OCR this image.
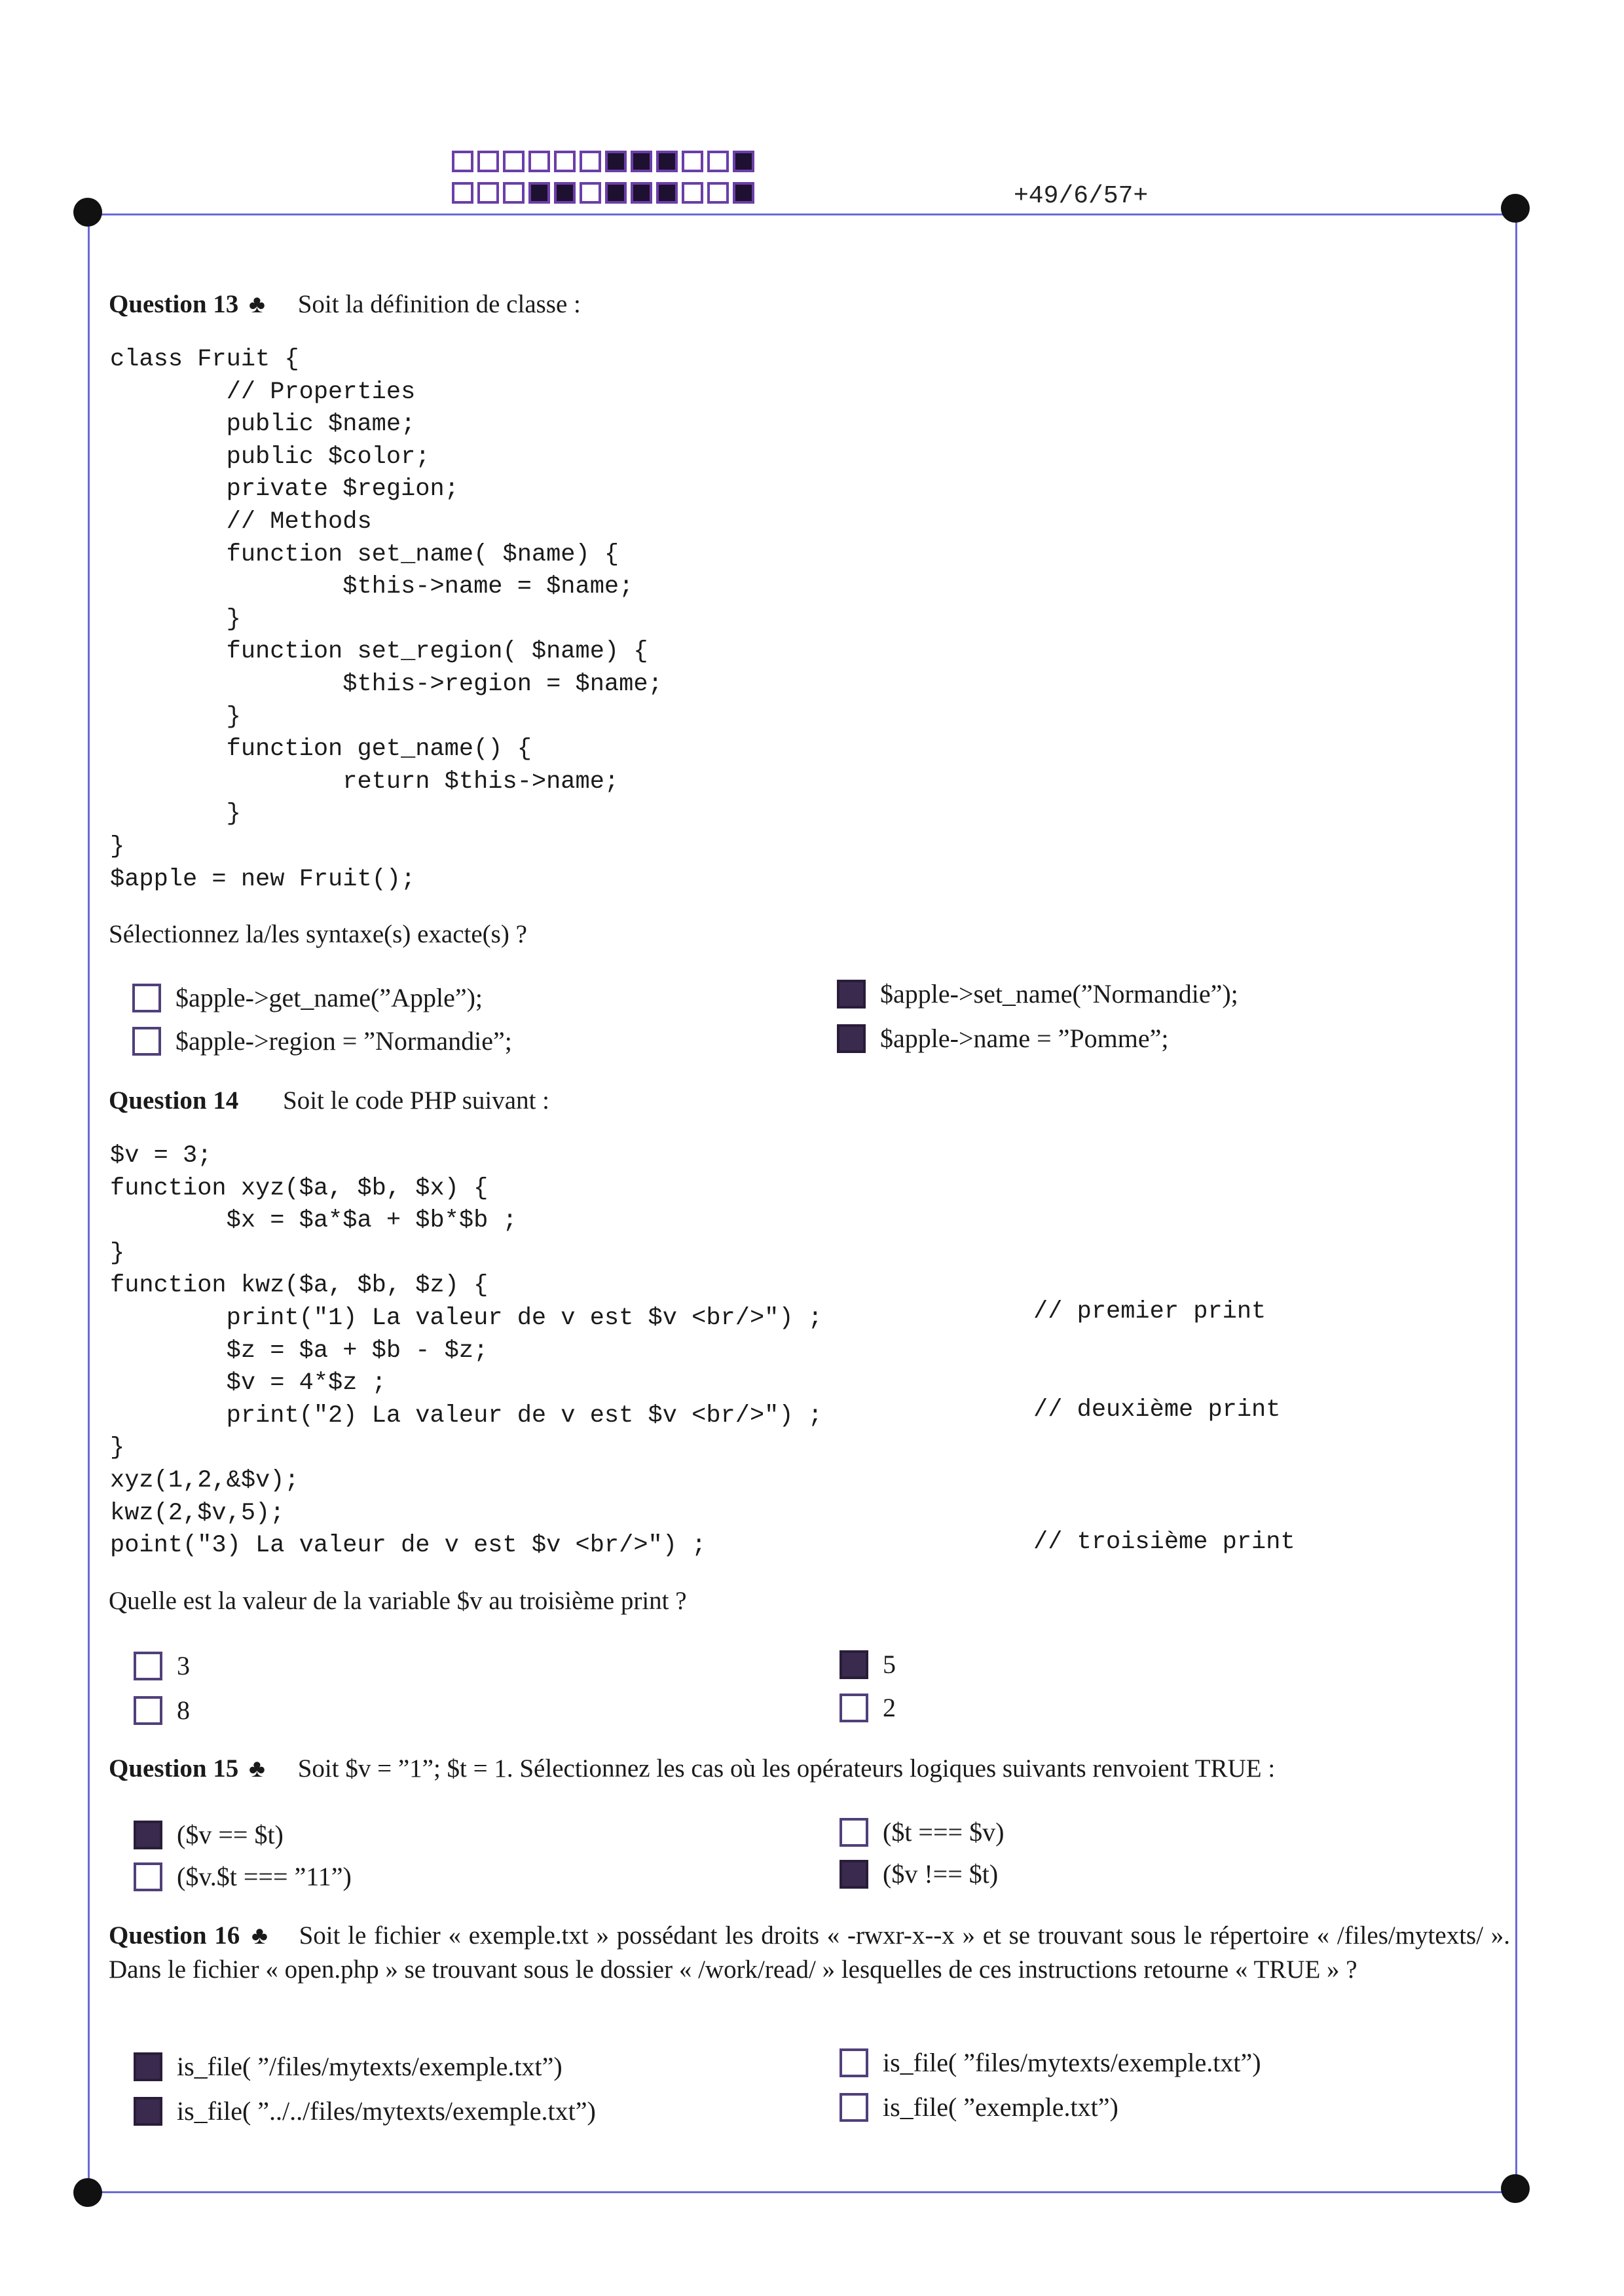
+49/6/57+
Question 13 ♣ Soit la définition de classe :
class Fruit {
// Properties
public $name;
public $color;
private $region;
// Methods
function set_name( $name) {
$this->name = $name;
}
function set_region( $name) {
$this->region = $name;
}
function get_name() {
return $this->name;
}
}
$apple = new Fruit();
Sélectionnez la/les syntaxe(s) exacte(s) ?
$apple->get_name(”Apple”);	$apple->set_name(”Normandie”);
$apple->region = ”Normandie”;	$apple->name = ”Pomme”;
Question 14 Soit le code PHP suivant :
$v = 3;
function xyz($a, $b, $x) {
$x = $a*$a + $b*$b ;
}
function kwz($a, $b, $z) {
print("1) La valeur de v est $v <br/>") ;
$z = $a + $b - $z;
$v = 4*$z ;
print("2) La valeur de v est $v <br/>") ;
}
xyz(1,2,&$v);
kwz(2,$v,5);
point("3) La valeur de v est $v <br/>") ;
// premier print
// deuxième print
// troisième print
Quelle est la valeur de la variable $v au troisième print ?
3	5
8	2
Question 15 ♣ Soit $v = ”1”; $t = 1. Sélectionnez les cas où les opérateurs logiques suivants renvoient TRUE :
($v == $t)	($t === $v)
($v.$t === ”11”)	($v !== $t)
Question 16 ♣ Soit le fichier « exemple.txt » possédant les droits « -rwxr-x--x » et se trouvant sous le répertoire « /files/mytexts/ ». Dans le fichier « open.php » se trouvant sous le dossier « /work/read/ » lesquelles de ces instructions retourne « TRUE » ?
is_file( ”/files/mytexts/exemple.txt”)	is_file( ”files/mytexts/exemple.txt”)
is_file( ”../../files/mytexts/exemple.txt”)	is_file( ”exemple.txt”)
